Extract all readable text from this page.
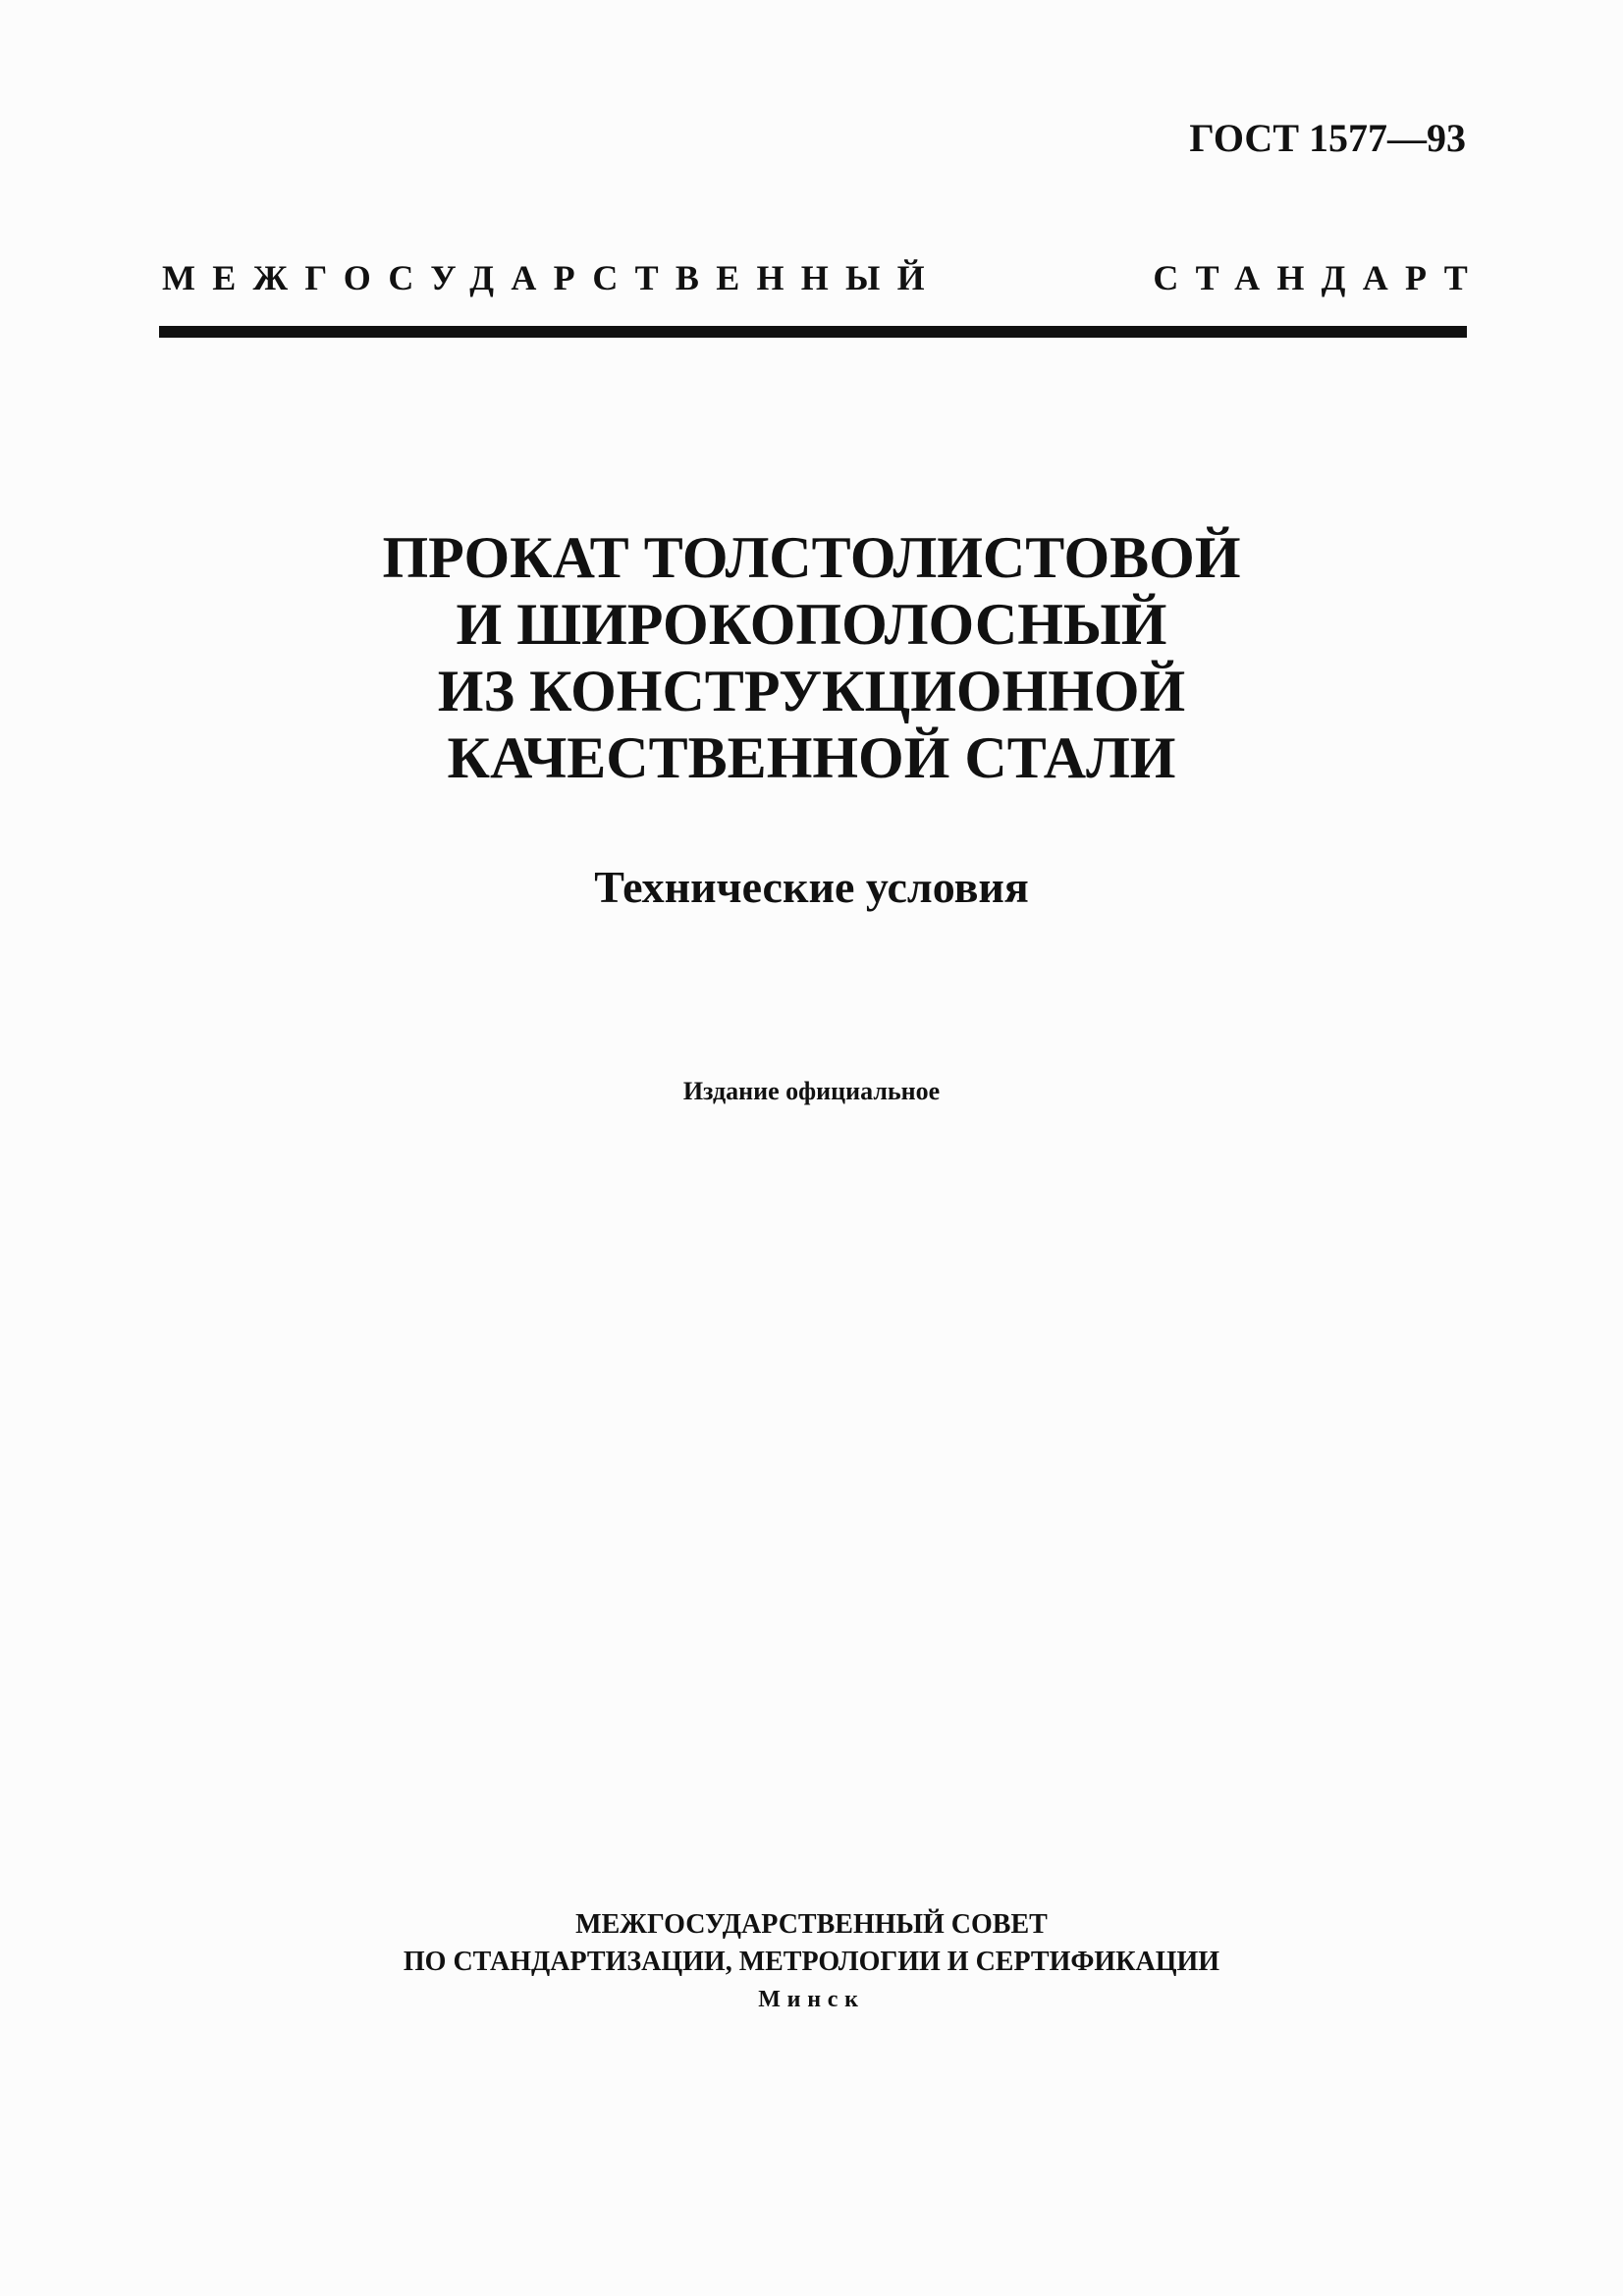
ГОСТ 1577—93
МЕЖГОСУДАРСТВЕННЫЙ	СТАНДАРТ
ПРОКАТ ТОЛСТОЛИСТОВОЙ
И ШИРОКОПОЛОСНЫЙ
ИЗ КОНСТРУКЦИОННОЙ
КАЧЕСТВЕННОЙ СТАЛИ
Технические условия
Издание официальное
МЕЖГОСУДАРСТВЕННЫЙ СОВЕТ
ПО СТАНДАРТИЗАЦИИ, МЕТРОЛОГИИ И СЕРТИФИКАЦИИ
Минск
